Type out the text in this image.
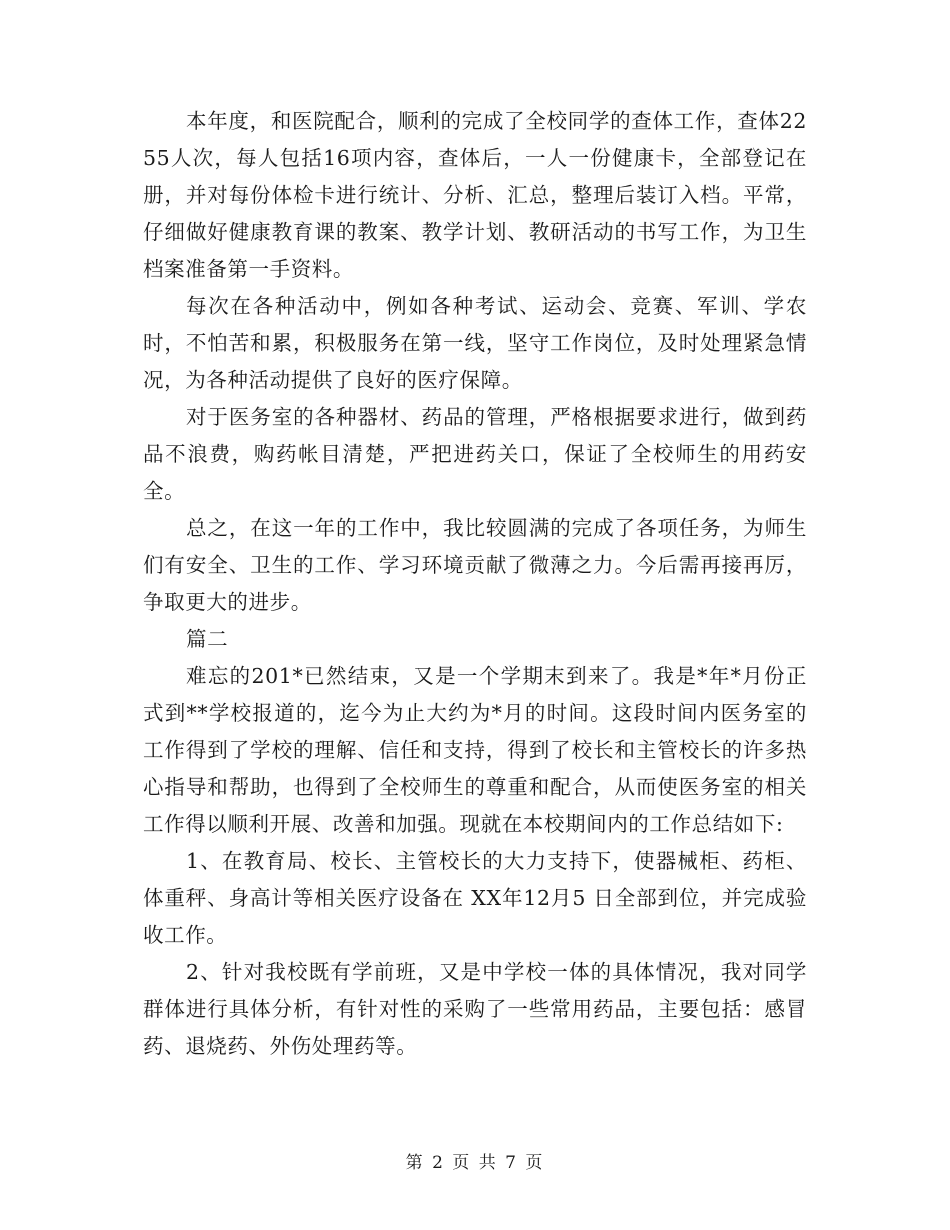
本年度，和医院配合，顺利的完成了全校同学的查体工作，查体2255人次，每人包括16项内容，查体后，一人一份健康卡，全部登记在册，并对每份体检卡进行统计、分析、汇总，整理后装订入档。平常，仔细做好健康教育课的教案、教学计划、教研活动的书写工作，为卫生档案准备第一手资料。

每次在各种活动中，例如各种考试、运动会、竞赛、军训、学农时，不怕苦和累，积极服务在第一线，坚守工作岗位，及时处理紧急情况，为各种活动提供了良好的医疗保障。

对于医务室的各种器材、药品的管理，严格根据要求进行，做到药品不浪费，购药帐目清楚，严把进药关口，保证了全校师生的用药安全。

总之，在这一年的工作中，我比较圆满的完成了各项任务，为师生们有安全、卫生的工作、学习环境贡献了微薄之力。今后需再接再厉，争取更大的进步。

篇二

难忘的201*已然结束，又是一个学期末到来了。我是*年*月份正式到**学校报道的，迄今为止大约为*月的时间。这段时间内医务室的工作得到了学校的理解、信任和支持，得到了校长和主管校长的许多热心指导和帮助，也得到了全校师生的尊重和配合，从而使医务室的相关工作得以顺利开展、改善和加强。现就在本校期间内的工作总结如下:

1、在教育局、校长、主管校长的大力支持下，使器械柜、药柜、体重秤、身高计等相关医疗设备在 XX年12月5 日全部到位，并完成验收工作。

2、针对我校既有学前班，又是中学校一体的具体情况，我对同学群体进行具体分析，有针对性的采购了一些常用药品，主要包括：感冒药、退烧药、外伤处理药等。

第 2 页 共 7 页
